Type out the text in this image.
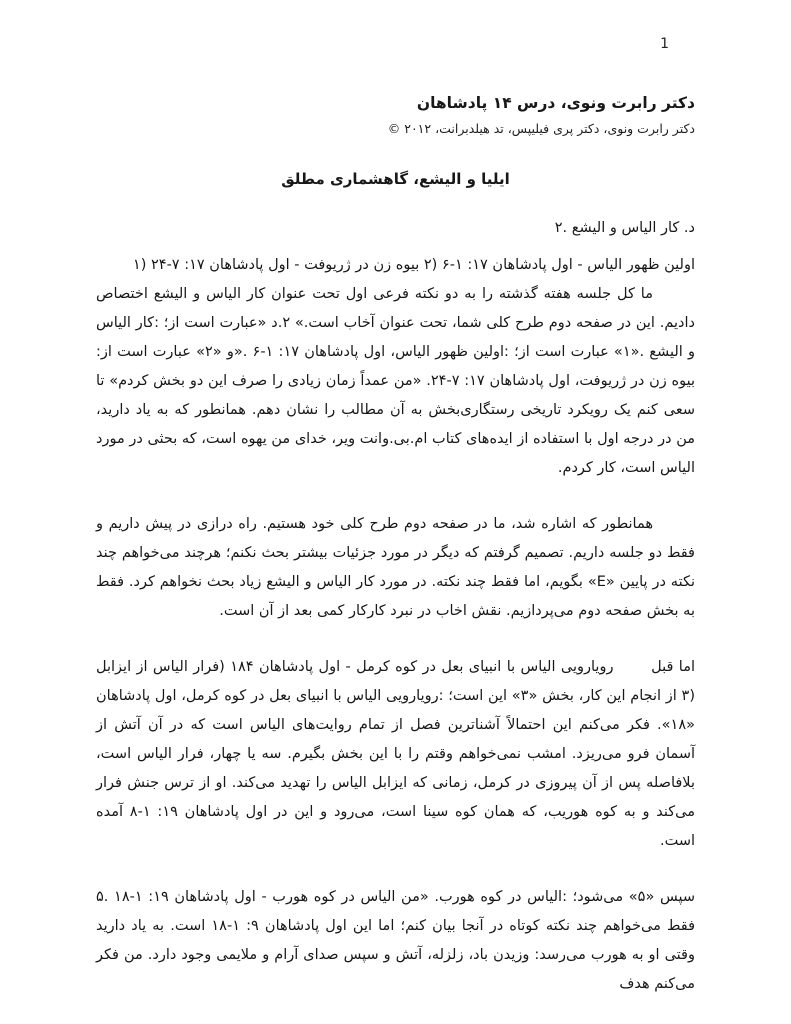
1
دکتر رابرت ونوی، درس ۱۴ پادشاهان
دکتر رابرت ونوی، دکتر پری فیلیپس، تد هیلدبرانت، ۲۰۱۲ ©
ایلیا و الیشع، گاهشماری مطلق

د. کار الیاس و الیشع .۲

اولین ظهور الیاس - اول پادشاهان ۱۷: ۱-۶ (۲ بیوه زن در ژریوفت - اول پادشاهان ۱۷: ۷-۲۴ (۱

ما کل جلسه هفته گذشته را به دو نکته فرعی اول تحت عنوان کار الیاس و الیشع اختصاص دادیم. این در صفحه دوم طرح کلی شما، تحت عنوان آخاب است.» ۲.د «عبارت است از؛ :کار الیاس و الیشع .«۱» عبارت است از؛ :اولین ظهور الیاس، اول پادشاهان ۱۷: ۱-۶ .«و «۲» عبارت است از: بیوه زن در ژریوفت، اول پادشاهان ۱۷: ۷-۲۴. «من عمداً زمان زیادی را صرف این دو بخش کردم» تا سعی کنم یک رویکرد تاریخی رستگاری‌بخش به آن مطالب را نشان دهم. همانطور که به یاد دارید، من در درجه اول با استفاده از ایده‌های کتاب ام.بی.وانت ویر، خدای من یهوه است، که بحثی در مورد الیاس است، کار کردم.

همانطور که اشاره شد، ما در صفحه دوم طرح کلی خود هستیم. راه درازی در پیش داریم و فقط دو جلسه داریم. تصمیم گرفتم که دیگر در مورد جزئیات بیشتر بحث نکنم؛ هرچند می‌خواهم چند نکته در پایین «E» بگویم، اما فقط چند نکته. در مورد کار الیاس و الیشع زیاد بحث نخواهم کرد. فقط به بخش صفحه دوم می‌پردازیم. نقش اخاب در نبرد کارکار کمی بعد از آن است.

اما قبل       رویارویی الیاس با انبیای بعل در کوه کرمل - اول پادشاهان ۱۸۴ (فرار الیاس از ایزابل (۳ از انجام این کار، بخش «۳» این است؛ :رویارویی الیاس با انبیای بعل در کوه کرمل، اول پادشاهان «۱۸». فکر می‌کنم این احتمالاً آشناترین فصل از تمام روایت‌های الیاس است که در آن آتش از آسمان فرو می‌ریزد. امشب نمی‌خواهم وقتم را با این بخش بگیرم. سه یا چهار، فرار الیاس است، بلافاصله پس از آن پیروزی در کرمل، زمانی که ایزابل الیاس را تهدید می‌کند. او از ترس جنش فرار می‌کند و به کوه هوریب، که همان کوه سینا است، می‌رود و این در اول پادشاهان ۱۹: ۱-۸ آمده است.

سپس «۵» می‌شود؛ :الیاس در کوه هورب. «من الیاس در کوه هورب - اول پادشاهان ۱۹: ۱-۱۸ .۵ فقط می‌خواهم چند نکته کوتاه در آنجا بیان کنم؛ اما این اول پادشاهان ۹: ۱-۱۸ است. به یاد دارید وقتی او به هورب می‌رسد: وزیدن باد، زلزله، آتش و سپس صدای آرام و ملایمی وجود دارد. من فکر می‌کنم هدف
